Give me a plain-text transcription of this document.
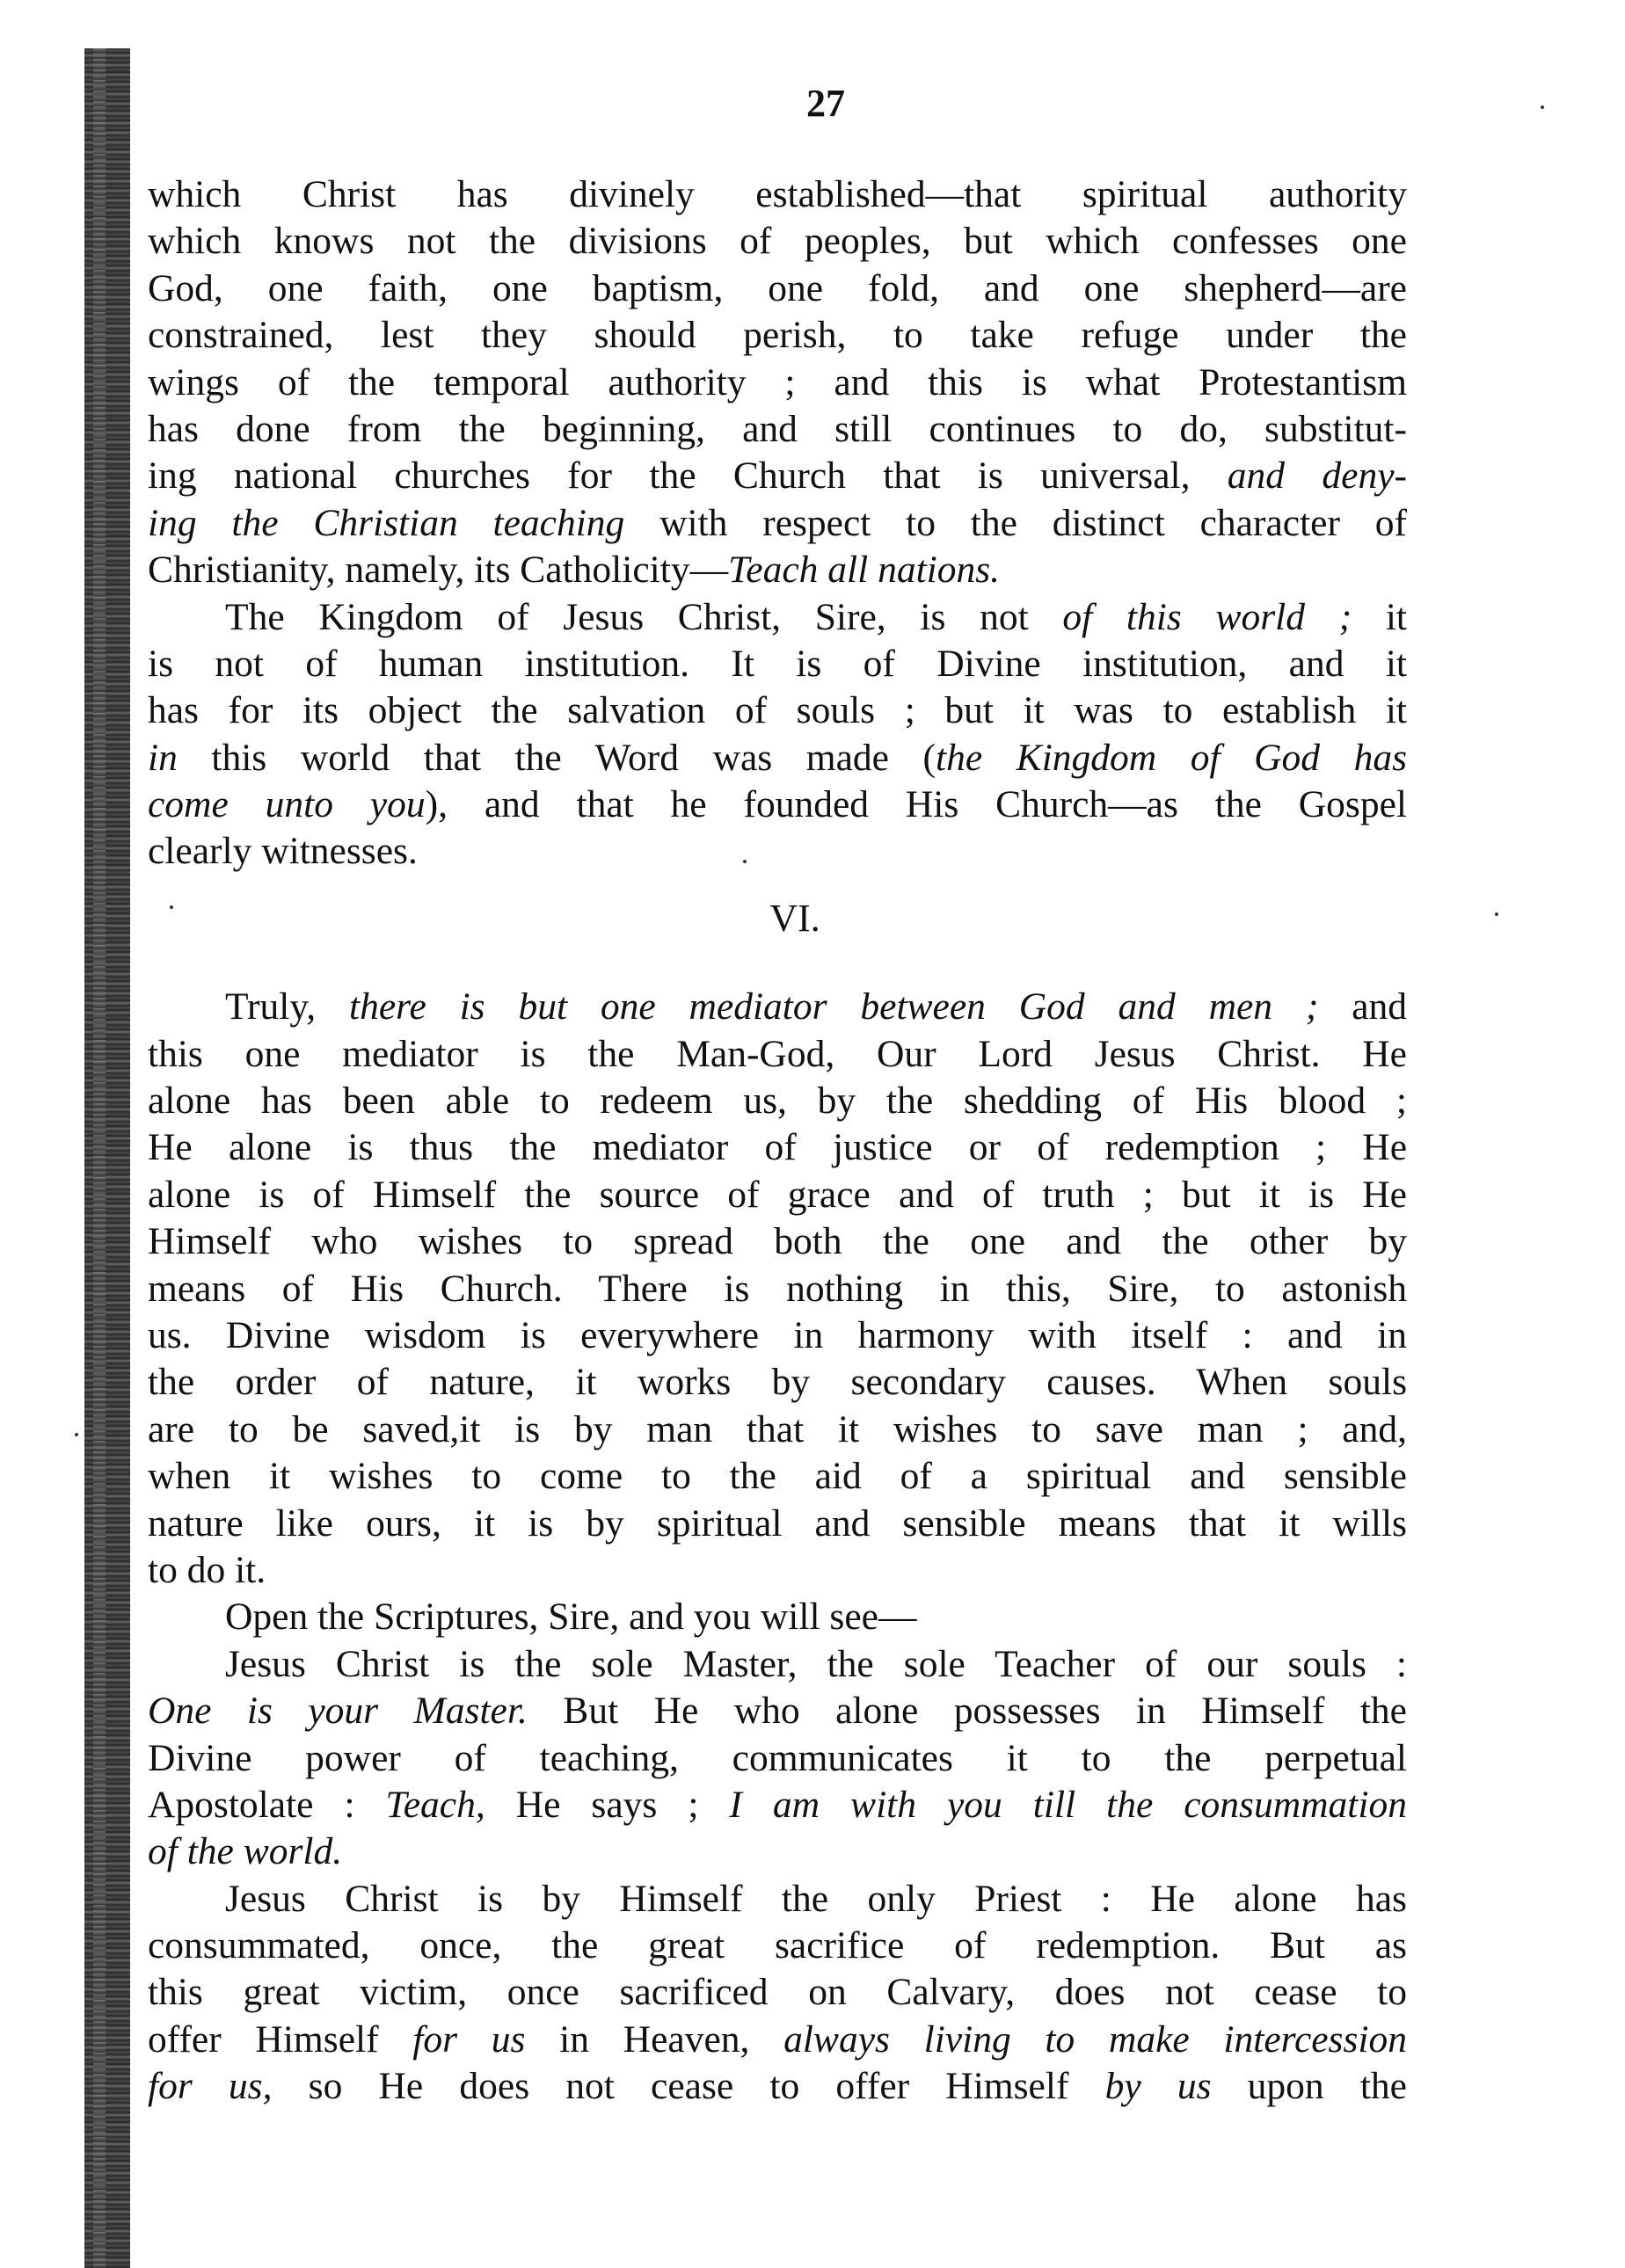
27
which Christ has divinely established—that spiritual authority
which knows not the divisions of peoples, but which confesses one
God, one faith, one baptism, one fold, and one shepherd—are
constrained, lest they should perish, to take refuge under the
wings of the temporal authority ; and this is what Protestantism
has done from the beginning, and still continues to do, substitut-
ing national churches for the Church that is universal, and deny-
ing the Christian teaching with respect to the distinct character of
Christianity, namely, its Catholicity—Teach all nations.
The Kingdom of Jesus Christ, Sire, is not of this world ; it
is not of human institution. It is of Divine institution, and it
has for its object the salvation of souls ; but it was to establish it
in this world that the Word was made (the Kingdom of God has
come unto you), and that he founded His Church—as the Gospel
clearly witnesses.
VI.
Truly, there is but one mediator between God and men ; and
this one mediator is the Man-God, Our Lord Jesus Christ. He
alone has been able to redeem us, by the shedding of His blood ;
He alone is thus the mediator of justice or of redemption ; He
alone is of Himself the source of grace and of truth ; but it is He
Himself who wishes to spread both the one and the other by
means of His Church. There is nothing in this, Sire, to astonish
us. Divine wisdom is everywhere in harmony with itself : and in
the order of nature, it works by secondary causes. When souls
are to be saved,it is by man that it wishes to save man ; and,
when it wishes to come to the aid of a spiritual and sensible
nature like ours, it is by spiritual and sensible means that it wills
to do it.
Open the Scriptures, Sire, and you will see—
Jesus Christ is the sole Master, the sole Teacher of our souls :
One is your Master. But He who alone possesses in Himself the
Divine power of teaching, communicates it to the perpetual
Apostolate : Teach, He says ; I am with you till the consummation
of the world.
Jesus Christ is by Himself the only Priest : He alone has
consummated, once, the great sacrifice of redemption. But as
this great victim, once sacrificed on Calvary, does not cease to
offer Himself for us in Heaven, always living to make intercession
for us, so He does not cease to offer Himself by us upon the
